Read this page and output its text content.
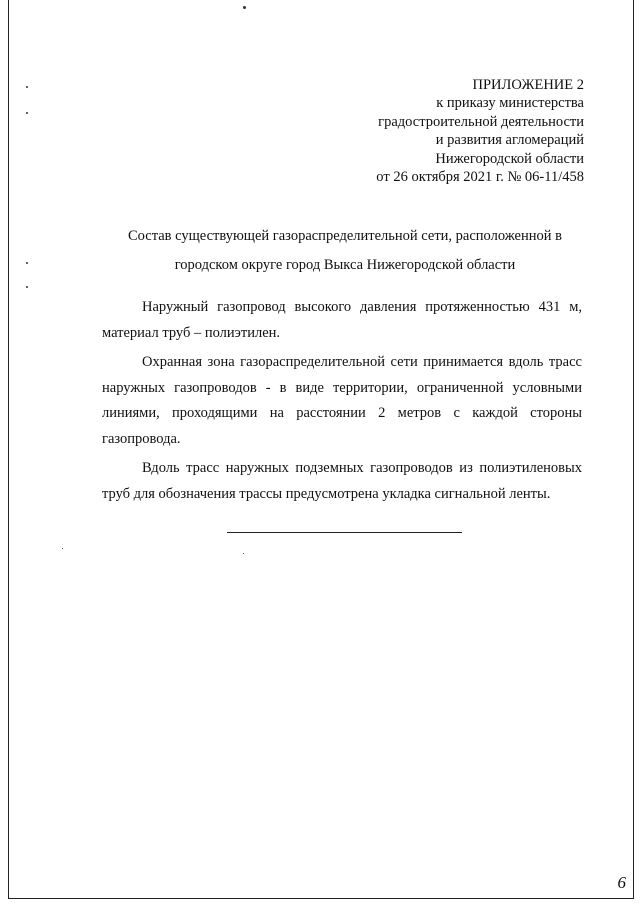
ПРИЛОЖЕНИЕ 2
к приказу министерства
градостроительной деятельности
и развития агломераций
Нижегородской области
от 26 октября 2021 г. № 06-11/458
Состав существующей газораспределительной сети, расположенной в
городском округе город Выкса Нижегородской области

Наружный газопровод высокого давления протяженностью 431 м, материал труб – полиэтилен.

Охранная зона газораспределительной сети принимается вдоль трасс наружных газопроводов - в виде территории, ограниченной условными линиями, проходящими на расстоянии 2 метров с каждой стороны газопровода.

Вдоль трасс наружных подземных газопроводов из полиэтиленовых труб для обозначения трассы предусмотрена укладка сигнальной ленты.

6
